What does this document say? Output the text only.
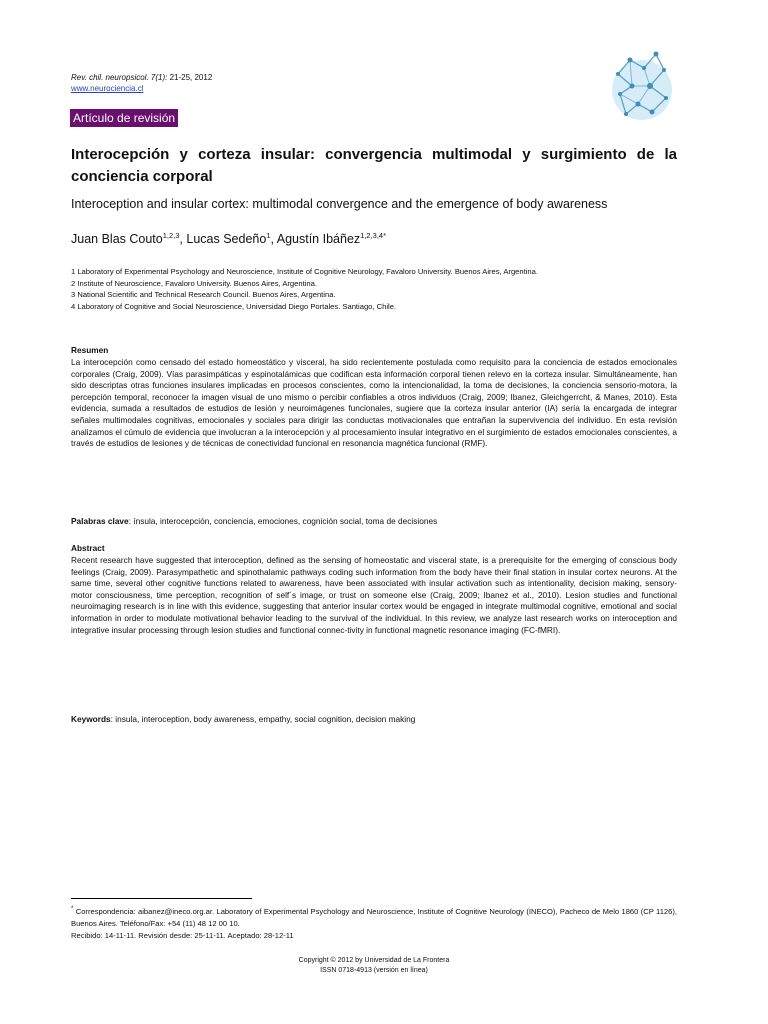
Rev. chil. neuropsicol. 7(1): 21-25, 2012
www.neurociencia.cl
Artículo de revisión
Interocepción y corteza insular: convergencia multimodal y surgimiento de la conciencia corporal
Interoception and insular cortex: multimodal convergence and the emergence of body awareness
Juan Blas Couto$^{1,2,3}$, Lucas Sedeño$^1$, Agustín Ibáñez$^{1,2,3,4*}$
1 Laboratory of Experimental Psychology and Neuroscience, Institute of Cognitive Neurology, Favaloro University. Buenos Aires, Argentina.
2 Institute of Neuroscience, Favaloro University. Buenos Aires, Argentina.
3 National Scientific and Technical Research Council. Buenos Aires, Argentina.
4 Laboratory of Cognitive and Social Neuroscience, Universidad Diego Portales. Santiago, Chile.
Resumen
La interocepción como censado del estado homeostático y visceral, ha sido recientemente postulada como requisito para la conciencia de estados emocionales corporales (Craig, 2009). Vías parasimpáticas y espinotalámicas que codifican esta información corporal tienen relevo en la corteza insular. Simultáneamente, han sido descriptas otras funciones insulares implicadas en procesos conscientes, como la intencionalidad, la toma de decisiones, la conciencia sensorio-motora, la percepción temporal, reconocer la imagen visual de uno mismo o percibir confiables a otros individuos (Craig, 2009; Ibanez, Gleichgerrcht, & Manes, 2010). Esta evidencia, sumada a resultados de estudios de lesión y neuroimágenes funcionales, sugiere que la corteza insular anterior (IA) sería la encargada de integrar señales multimodales cognitivas, emocionales y sociales para dirigir las conductas motivacionales que entrañan la supervivencia del individuo. En esta revisión analizamos el cúmulo de evidencia que involucran a la interocepción y al procesamiento insular integrativo en el surgimiento de estados emocionales conscientes, a través de estudios de lesiones y de técnicas de conectividad funcional en resonancia magnética funcional (RMF).
Palabras clave: ínsula, interocepción, conciencia, emociones, cognición social, toma de decisiones
Abstract
Recent research have suggested that interoception, defined as the sensing of homeostatic and visceral state, is a prerequisite for the emerging of conscious body feelings (Craig, 2009). Parasympathetic and spinothalamic pathways coding such information from the body have their final station in insular cortex neurons. At the same time, several other cognitive functions related to awareness, have been associated with insular activation such as intentionality, decision making, sensory-motor consciousness, time perception, recognition of self´s image, or trust on someone else (Craig, 2009; Ibanez et al., 2010). Lesion studies and functional neuroimaging research is in line with this evidence, suggesting that anterior insular cortex would be engaged in integrate multimodal cognitive, emotional and social information in order to modulate motivational behavior leading to the survival of the individual. In this review, we analyze last research works on interoception and integrative insular processing through lesion studies and functional connec-tivity in functional magnetic resonance imaging (FC-fMRI).
Keywords: insula, interoception, body awareness, empathy, social cognition, decision making
* Correspondencia: aibanez@ineco.org.ar. Laboratory of Experimental Psychology and Neuroscience, Institute of Cognitive Neurology (INECO), Pacheco de Melo 1860 (CP 1126), Buenos Aires. Teléfono/Fax: +54 (11) 48 12 00 10.
Recibido: 14-11-11. Revisión desde: 25-11-11. Aceptado: 28-12-11
Copyright © 2012 by Universidad de La Frontera
ISSN 0718-4913 (versión en línea)
